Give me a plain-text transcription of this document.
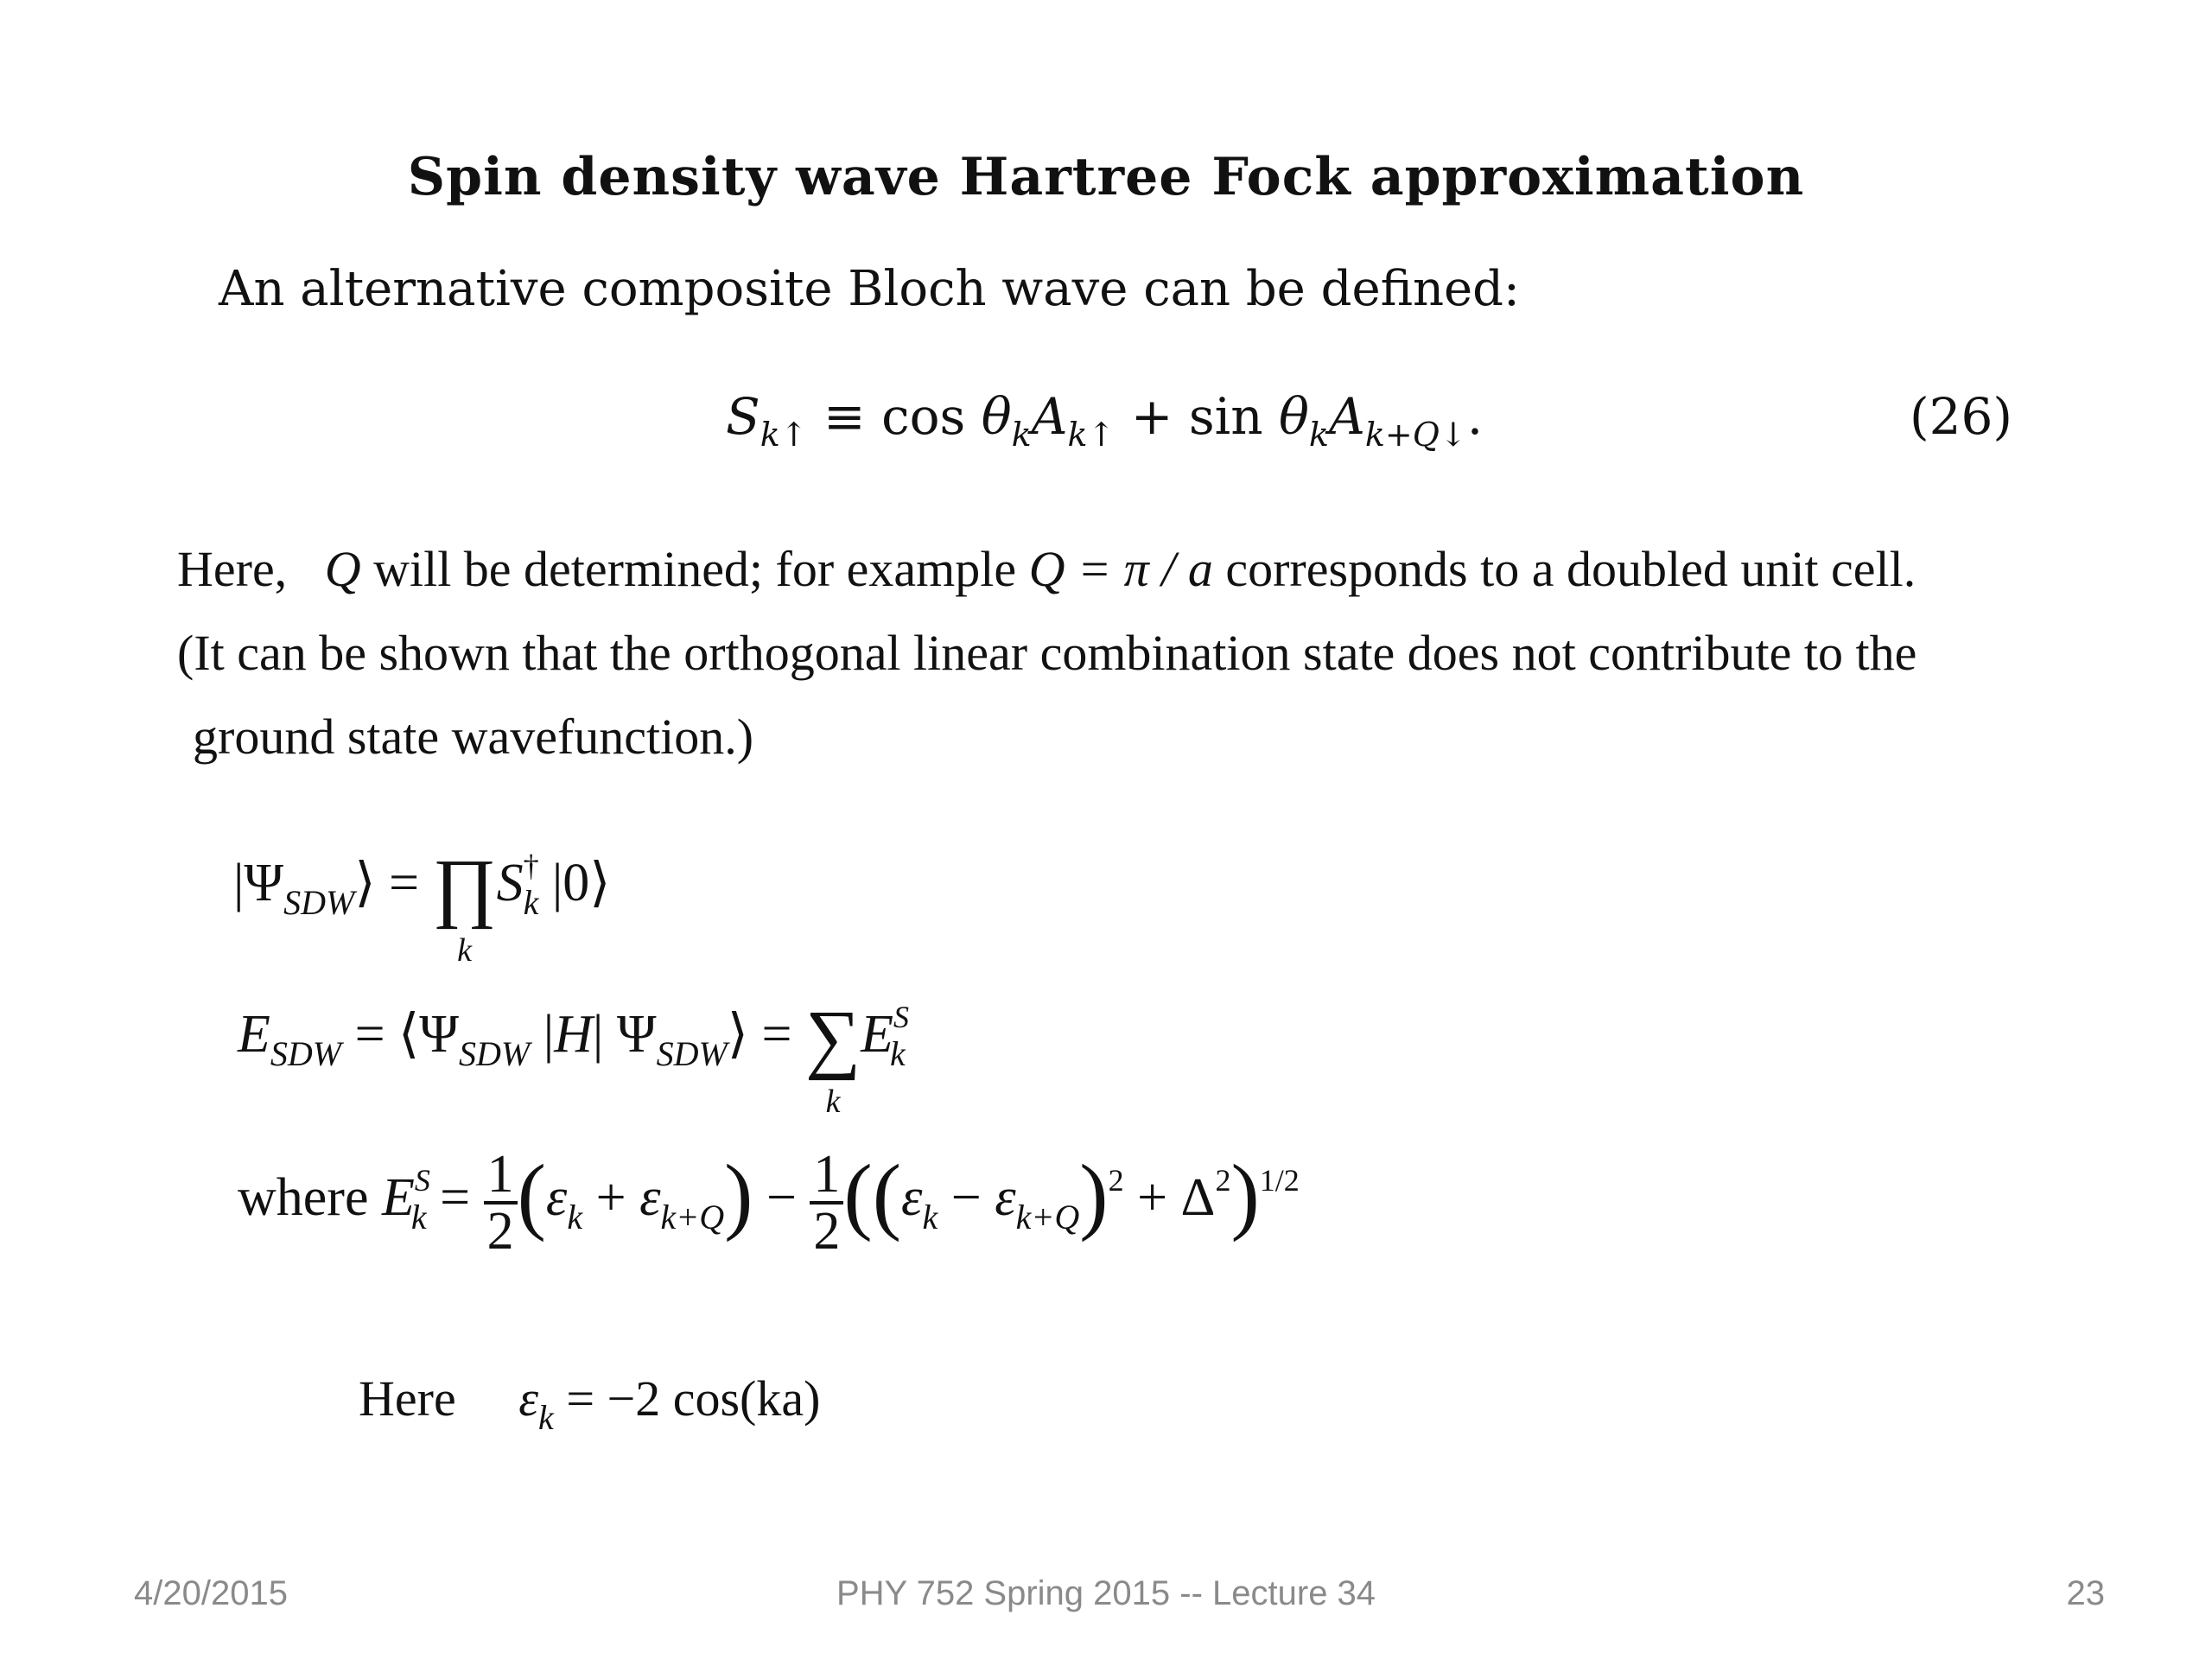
Spin density wave Hartree Fock approximation
An alternative composite Bloch wave can be defined:
$S_{k↑} \equiv \cos \theta_kA_{k↑} + \sin \theta_kA_{k+Q↓}$.	(26)
Here, Q will be determined; for example Q = π / a corresponds to a doubled unit cell.
(It can be shown that the orthogonal linear combination state does not contribute to the
ground state wavefunction.)
$|\Psi_{SDW}⟩$ = ∏
k
$S^\dagger_k$ |0⟩
$E_{SDW}$ = $⟨\Psi_{SDW}$ |H| $\Psi_{SDW}⟩$ = ∑
k
$E^S_k$
where $E^S_k = \frac{1}{2} (\varepsilon_k + \varepsilon_{k+Q}) - \frac{1}{2} ((\varepsilon_k - \varepsilon_{k+Q})^2 + \Delta^2)^{1/2}$
Here $\varepsilon_k = -2$ cos(ka)
4/20/2015	PHY 752 Spring 2015 -- Lecture 34	23
